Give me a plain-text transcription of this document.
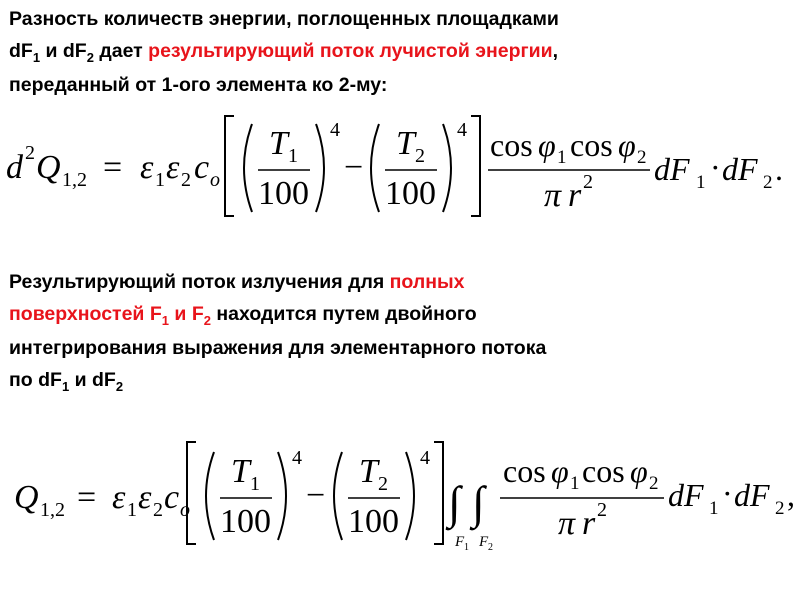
Разность количеств энергии, поглощенных площадками
$dF_1$ и $dF_2$ дает результирующий поток лучистой энергии,
переданный от 1-ого элемента ко 2-му:
d 2 Q 1,2 = ε 1 ε 2 c o
T 1
100
4
−
T 2
100
4 cos φ 1 cos φ 2
π r 2 dF 1 · dF 2 .
Результирующий поток излучения для полных
поверхностей $F_1$ и $F_2$ находится путем двойного
интегрирования выражения для элементарного потока
по $dF_1$ и $dF_2$
Q 1,2 = ε 1 ε 2 c o
T 1
100
4
−
T 2
100
4
∫
F 1
∫
F 2
cos φ 1 cos φ 2
π r 2 dF 1 · dF 2 ,
